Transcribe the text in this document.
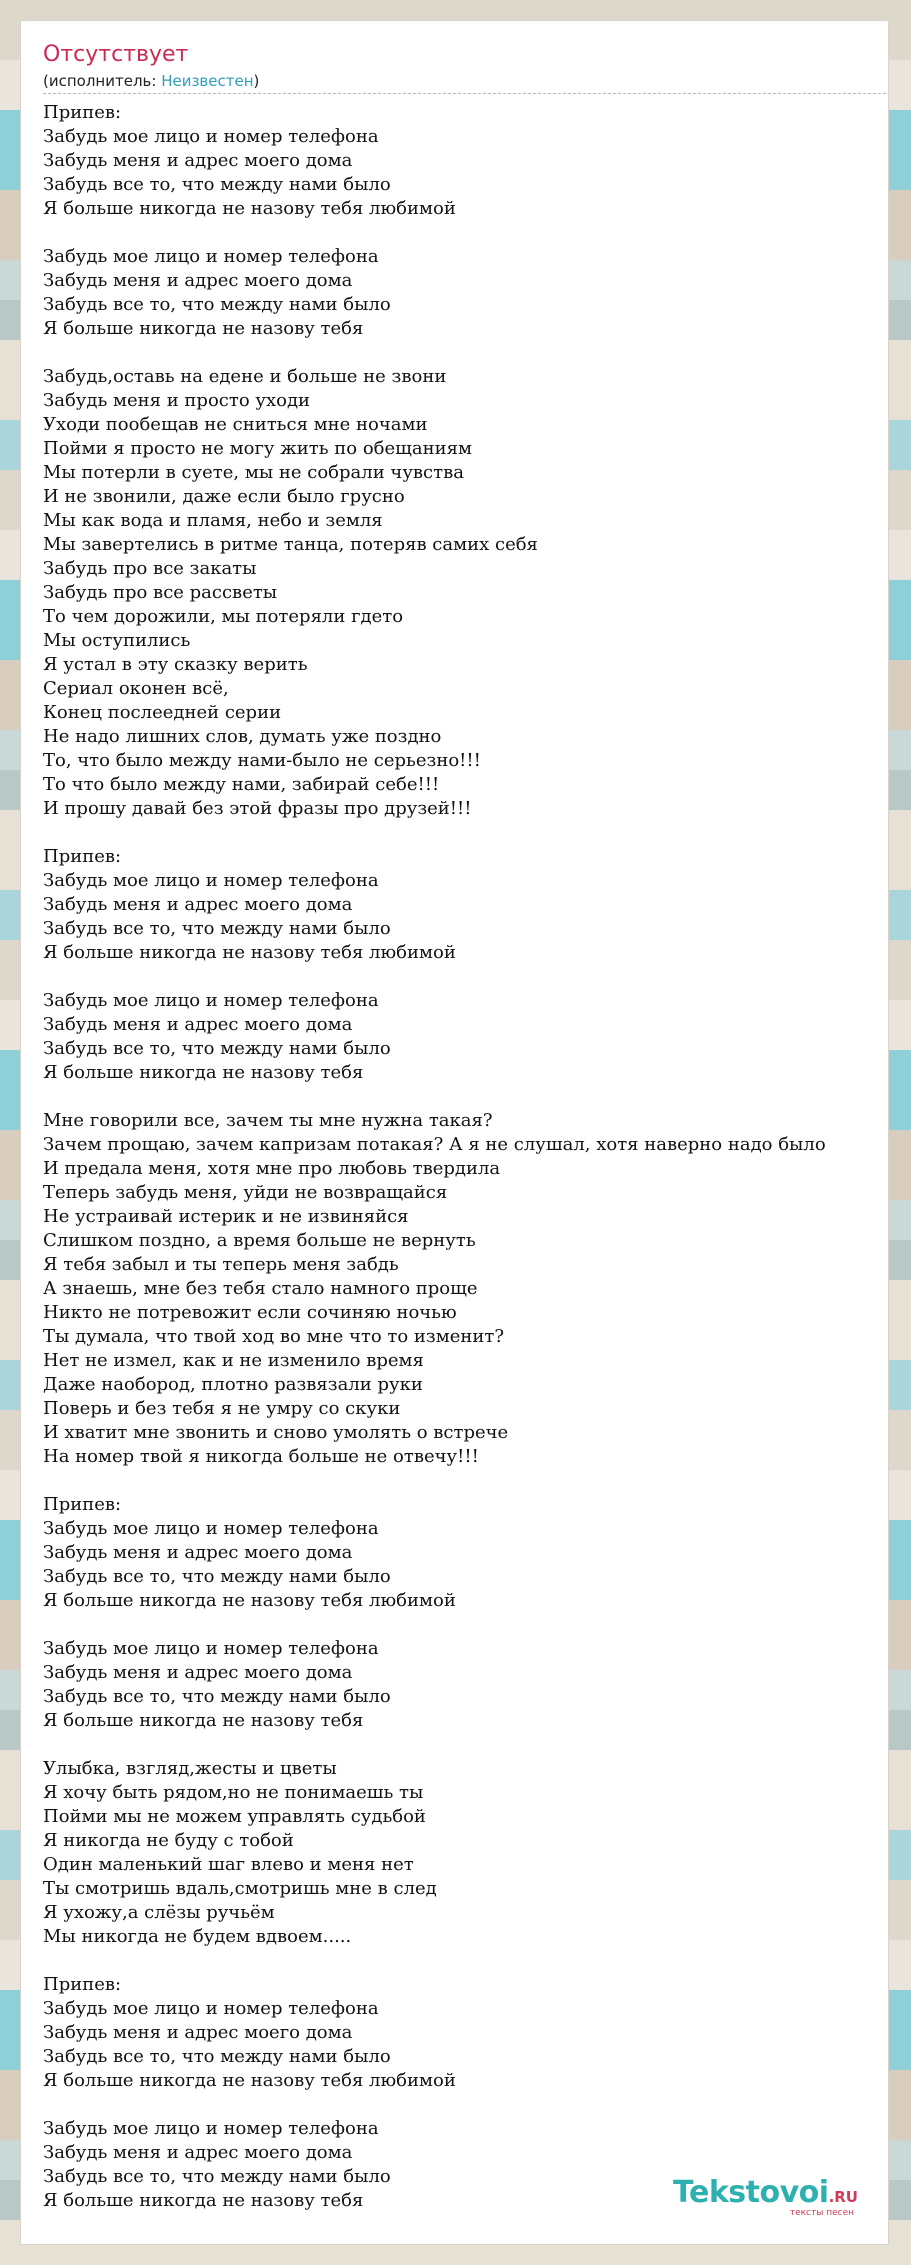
Отсутствует
(исполнитель: Неизвестен)
Припев:
Забудь мое лицо и номер телефона
Забудь меня и адрес моего дома
Забудь все то, что между нами было
Я больше никогда не назову тебя любимой

Забудь мое лицо и номер телефона
Забудь меня и адрес моего дома
Забудь все то, что между нами было
Я больше никогда не назову тебя

Забудь,оставь на едене и больше не звони
Забудь меня и просто уходи
Уходи пообещав не сниться мне ночами
Пойми я просто не могу жить по обещаниям
Мы потерли в суете, мы не собрали чувства
И не звонили, даже если было грусно
Мы как вода и пламя, небо и земля
Мы завертелись в ритме танца, потеряв самих себя
Забудь про все закаты
Забудь про все рассветы
То чем дорожили, мы потеряли гдето
Мы оступились
Я устал в эту сказку верить
Сериал оконен всё,
Конец послеедней серии
Не надо лишних слов, думать уже поздно
То, что было между нами-было не серьезно!!!
То что было между нами, забирай себе!!!
И прошу давай без этой фразы про друзей!!!

Припев:
Забудь мое лицо и номер телефона
Забудь меня и адрес моего дома
Забудь все то, что между нами было
Я больше никогда не назову тебя любимой

Забудь мое лицо и номер телефона
Забудь меня и адрес моего дома
Забудь все то, что между нами было
Я больше никогда не назову тебя

Мне говорили все, зачем ты мне нужна такая?
Зачем прощаю, зачем капризам потакая? А я не слушал, хотя наверно надо было
И предала меня, хотя мне про любовь твердила
Теперь забудь меня, уйди не возвращайся
Не устраивай истерик и не извиняйся
Слишком поздно, а время больше не вернуть
Я тебя забыл и ты теперь меня забдь
А знаешь, мне без тебя стало намного проще
Никто не потревожит если сочиняю ночью
Ты думала, что твой ход во мне что то изменит?
Нет не измел, как и не изменило время
Даже наобород, плотно развязали руки
Поверь и без тебя я не умру со скуки
И хватит мне звонить и сново умолять о встрече
На номер твой я никогда больше не отвечу!!!

Припев:
Забудь мое лицо и номер телефона
Забудь меня и адрес моего дома
Забудь все то, что между нами было
Я больше никогда не назову тебя любимой

Забудь мое лицо и номер телефона
Забудь меня и адрес моего дома
Забудь все то, что между нами было
Я больше никогда не назову тебя

Улыбка, взгляд,жесты и цветы
Я хочу быть рядом,но не понимаешь ты
Пойми мы не можем управлять судьбой
Я никогда не буду с тобой
Один маленький шаг влево и меня нет
Ты смотришь вдаль,смотришь мне в след
Я ухожу,а слёзы ручьём
Мы никогда не будем вдвоем.....

Припев:
Забудь мое лицо и номер телефона
Забудь меня и адрес моего дома
Забудь все то, что между нами было
Я больше никогда не назову тебя любимой

Забудь мое лицо и номер телефона
Забудь меня и адрес моего дома
Забудь все то, что между нами было
Я больше никогда не назову тебя	Tekstovoi.RU
тексты песен
